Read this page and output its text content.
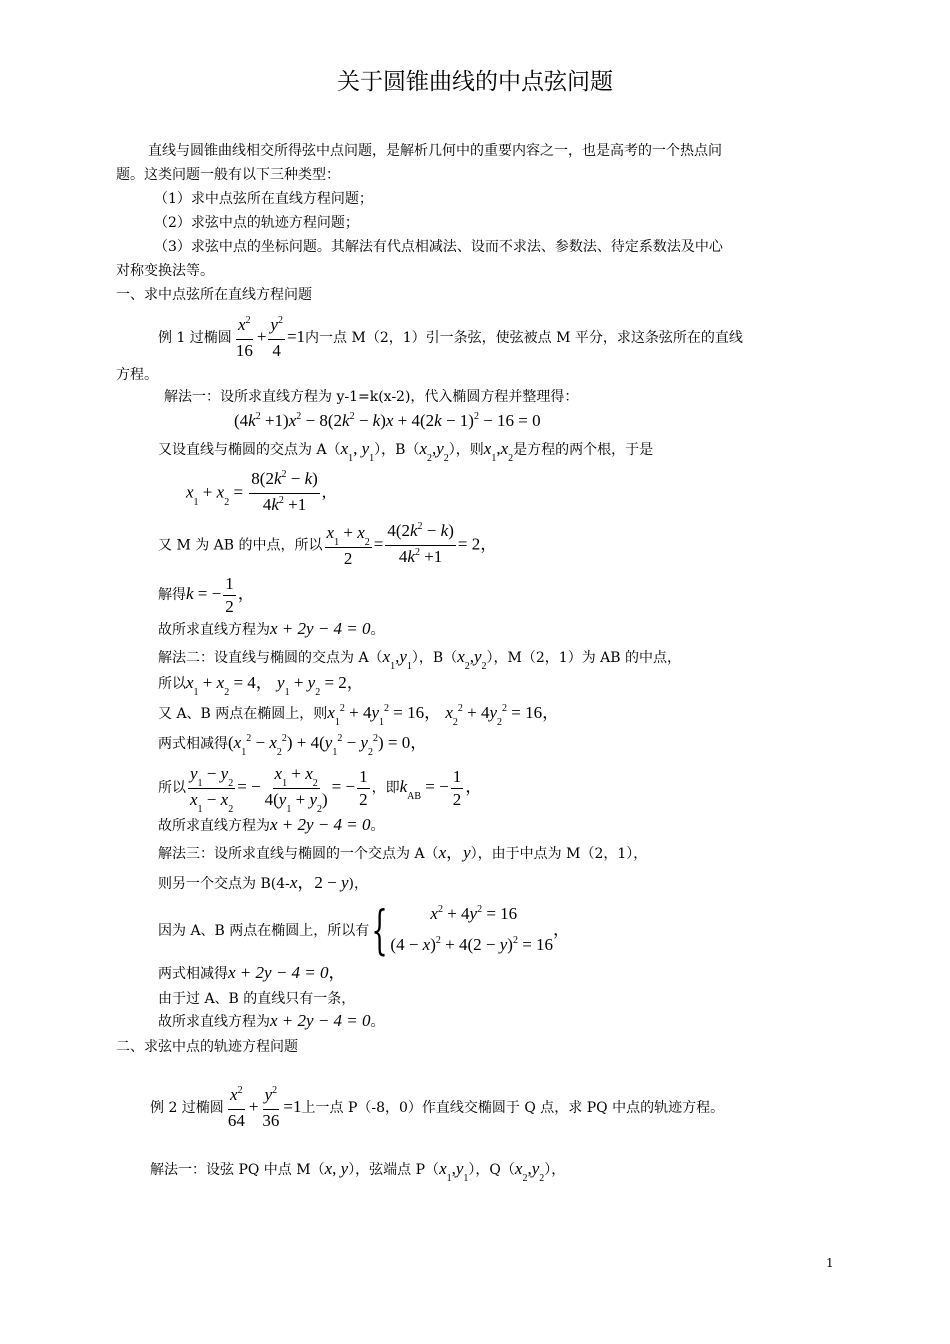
关于圆锥曲线的中点弦问题
直线与圆锥曲线相交所得弦中点问题，是解析几何中的重要内容之一，也是高考的一个热点问
题。这类问题一般有以下三种类型：
（1）求中点弦所在直线方程问题；
（2）求弦中点的轨迹方程问题；
（3）求弦中点的坐标问题。其解法有代点相减法、设而不求法、参数法、待定系数法及中心
对称变换法等。
一、求中点弦所在直线方程问题
例 1 过椭圆 $\frac{x^2}{16} + \frac{y^2}{4} =1$内一点 M（2，1）引一条弦，使弦被点 M 平分，求这条弦所在的直线
方程。
解法一：设所求直线方程为 y-1=k(x-2)，代入椭圆方程并整理得：
$(4k^2 +1)x^2 - 8(2k^2 - k)x + 4(2k - 1)^2 - 16 = 0$
又设直线与椭圆的交点为 $A(x_1$, $y_1$），$B(x_2,y_2)$，则$x_1,x_2$是方程的两个根，于是
$x_1 + x_2 = \frac{8(2k^2 - k)}{4k^2 +1}$ ,
又 M 为 AB 的中点，所以 $\frac{x_1 + x_2}{2} = \frac{4(2k^2 - k)}{4k^2 +1} = 2$，
解得k = − $\frac{1}{2}$ ，
故所求直线方程为x + 2y − 4 = 0。
解法二：设直线与椭圆的交点为 $A(x_1,y_1)$，$B(x_2,y_2)$，M（2，1）为 AB 的中点，
所以$x_1 + x_2 = 4$， $y_1 + y_2 = 2$，
又 A、B 两点在椭圆上，则$x_1^2 + 4y_1^2 = 16$， $x_2^2 + 4y_2^2 = 16$，
两式相减得$(x_1^2 - x_2^2) + 4(y_1^2 - y_2^2) = 0$，
所以 $\frac{y_1 - y_2}{x_1 - x_2}$ = − $\frac{x_1 + x_2}{4(y_1 + y_2)}$ = − $\frac{1}{2}$ ，即$k_{AB}$ = − $\frac{1}{2}$ ，
故所求直线方程为x + 2y − 4 = 0。
解法三：设所求直线与椭圆的一个交点为 A（x，y），由于中点为 M（2，1），
则另一个交点为 B(4-x，2 − y)，
因为 A、B 两点在椭圆上，所以有{	$x^2 + 4y^2 = 16$
$(4 - x)^2 + 4(2 - y)^2 = 16$
，
两式相减得x + 2y − 4 = 0，
由于过 A、B 的直线只有一条，
故所求直线方程为x + 2y − 4 = 0。
二、求弦中点的轨迹方程问题
例 2 过椭圆 $\frac{x^2}{64} + \frac{y^2}{36} =1$上一点 P（-8，0）作直线交椭圆于 Q 点，求 PQ 中点的轨迹方程。
解法一：设弦 PQ 中点 M（x, y），弦端点 $P(x_1,y_1)$，$Q(x_2,y_2)$，
1
